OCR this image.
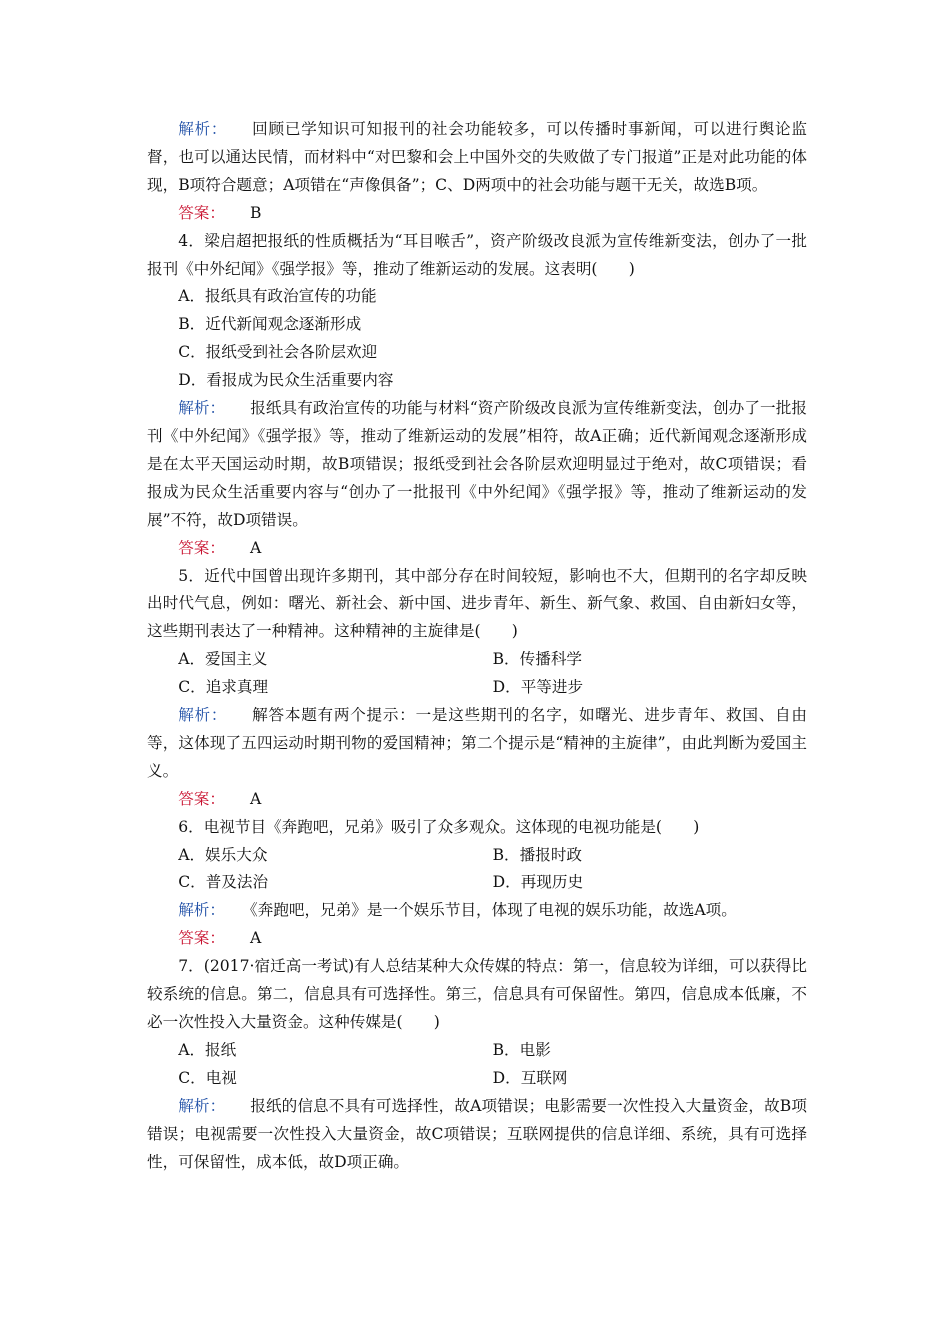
解析： 回顾已学知识可知报刊的社会功能较多，可以传播时事新闻，可以进行舆论监督，也可以通达民情，而材料中“对巴黎和会上中国外交的失败做了专门报道”正是对此功能的体现，B项符合题意；A项错在“声像俱备”；C、D两项中的社会功能与题干无关，故选B项。

答案： B

4．梁启超把报纸的性质概括为“耳目喉舌”，资产阶级改良派为宣传维新变法，创办了一批报刊《中外纪闻》《强学报》等，推动了维新运动的发展。这表明(　　)

A．报纸具有政治宣传的功能

B．近代新闻观念逐渐形成

C．报纸受到社会各阶层欢迎

D．看报成为民众生活重要内容

解析： 报纸具有政治宣传的功能与材料“资产阶级改良派为宣传维新变法，创办了一批报刊《中外纪闻》《强学报》等，推动了维新运动的发展”相符，故A正确；近代新闻观念逐渐形成是在太平天国运动时期，故B项错误；报纸受到社会各阶层欢迎明显过于绝对，故C项错误；看报成为民众生活重要内容与“创办了一批报刊《中外纪闻》《强学报》等，推动了维新运动的发展”不符，故D项错误。

答案： A

5．近代中国曾出现许多期刊，其中部分存在时间较短，影响也不大，但期刊的名字却反映出时代气息，例如：曙光、新社会、新中国、进步青年、新生、新气象、救国、自由新妇女等，这些期刊表达了一种精神。这种精神的主旋律是(　　)

A．爱国主义	B．传播科学
C．追求真理	D．平等进步

解析： 解答本题有两个提示：一是这些期刊的名字，如曙光、进步青年、救国、自由等，这体现了五四运动时期刊物的爱国精神；第二个提示是“精神的主旋律”，由此判断为爱国主义。

答案： A

6．电视节目《奔跑吧，兄弟》吸引了众多观众。这体现的电视功能是(　　)

A．娱乐大众	B．播报时政
C．普及法治	D．再现历史

解析： 《奔跑吧，兄弟》是一个娱乐节目，体现了电视的娱乐功能，故选A项。

答案： A

7．(2017·宿迁高一考试)有人总结某种大众传媒的特点：第一，信息较为详细，可以获得比较系统的信息。第二，信息具有可选择性。第三，信息具有可保留性。第四，信息成本低廉，不必一次性投入大量资金。这种传媒是(　　)

A．报纸	B．电影
C．电视	D．互联网

解析： 报纸的信息不具有可选择性，故A项错误；电影需要一次性投入大量资金，故B项错误；电视需要一次性投入大量资金，故C项错误；互联网提供的信息详细、系统，具有可选择性，可保留性，成本低，故D项正确。
